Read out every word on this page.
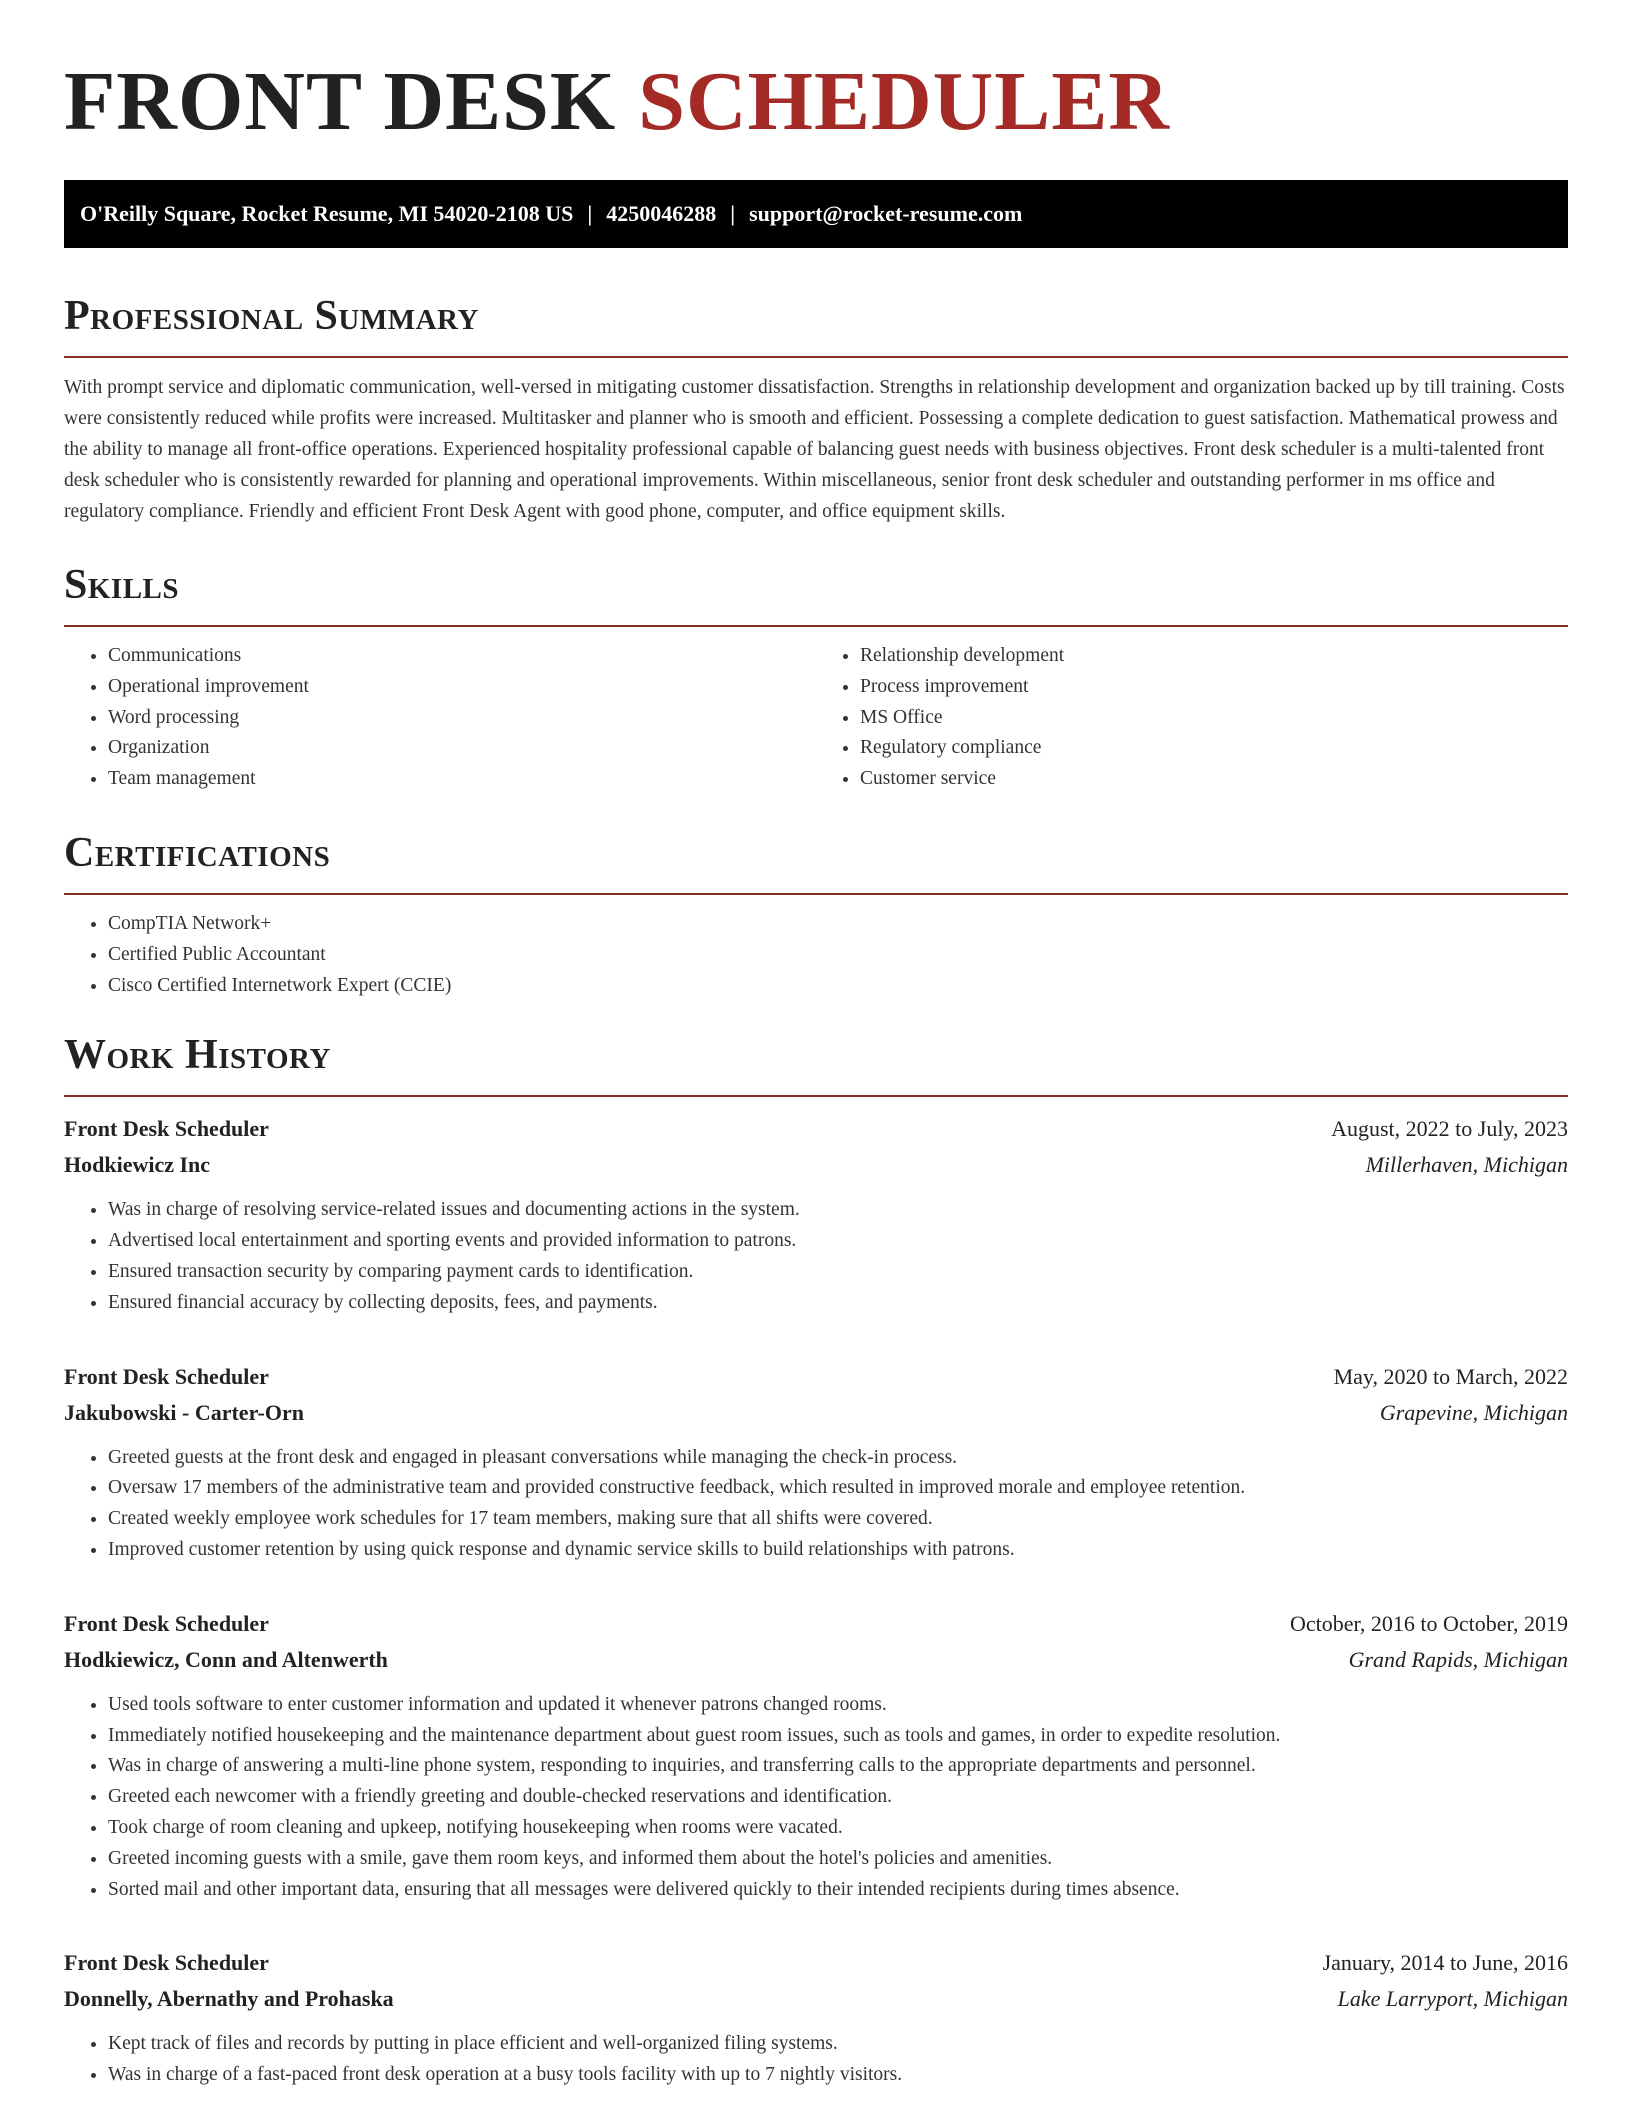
FRONT DESK SCHEDULER
O'Reilly Square, Rocket Resume, MI 54020-2108 US | 4250046288 | support@rocket-resume.com
Professional Summary
With prompt service and diplomatic communication, well-versed in mitigating customer dissatisfaction. Strengths in relationship development and organization backed up by till training. Costs were consistently reduced while profits were increased. Multitasker and planner who is smooth and efficient. Possessing a complete dedication to guest satisfaction. Mathematical prowess and the ability to manage all front-office operations. Experienced hospitality professional capable of balancing guest needs with business objectives. Front desk scheduler is a multi-talented front desk scheduler who is consistently rewarded for planning and operational improvements. Within miscellaneous, senior front desk scheduler and outstanding performer in ms office and regulatory compliance. Friendly and efficient Front Desk Agent with good phone, computer, and office equipment skills.
Skills
• Communications
• Operational improvement
• Word processing
• Organization
• Team management
• Relationship development
• Process improvement
• MS Office
• Regulatory compliance
• Customer service
Certifications
• CompTIA Network+
• Certified Public Accountant
• Cisco Certified Internetwork Expert (CCIE)
Work History
Front Desk Scheduler	August, 2022 to July, 2023
Hodkiewicz Inc	Millerhaven, Michigan
• Was in charge of resolving service-related issues and documenting actions in the system.
• Advertised local entertainment and sporting events and provided information to patrons.
• Ensured transaction security by comparing payment cards to identification.
• Ensured financial accuracy by collecting deposits, fees, and payments.
Front Desk Scheduler	May, 2020 to March, 2022
Jakubowski - Carter-Orn	Grapevine, Michigan
• Greeted guests at the front desk and engaged in pleasant conversations while managing the check-in process.
• Oversaw 17 members of the administrative team and provided constructive feedback, which resulted in improved morale and employee retention.
• Created weekly employee work schedules for 17 team members, making sure that all shifts were covered.
• Improved customer retention by using quick response and dynamic service skills to build relationships with patrons.
Front Desk Scheduler	October, 2016 to October, 2019
Hodkiewicz, Conn and Altenwerth	Grand Rapids, Michigan
• Used tools software to enter customer information and updated it whenever patrons changed rooms.
• Immediately notified housekeeping and the maintenance department about guest room issues, such as tools and games, in order to expedite resolution.
• Was in charge of answering a multi-line phone system, responding to inquiries, and transferring calls to the appropriate departments and personnel.
• Greeted each newcomer with a friendly greeting and double-checked reservations and identification.
• Took charge of room cleaning and upkeep, notifying housekeeping when rooms were vacated.
• Greeted incoming guests with a smile, gave them room keys, and informed them about the hotel's policies and amenities.
• Sorted mail and other important data, ensuring that all messages were delivered quickly to their intended recipients during times absence.
Front Desk Scheduler	January, 2014 to June, 2016
Donnelly, Abernathy and Prohaska	Lake Larryport, Michigan
• Kept track of files and records by putting in place efficient and well-organized filing systems.
• Was in charge of a fast-paced front desk operation at a busy tools facility with up to 7 nightly visitors.
